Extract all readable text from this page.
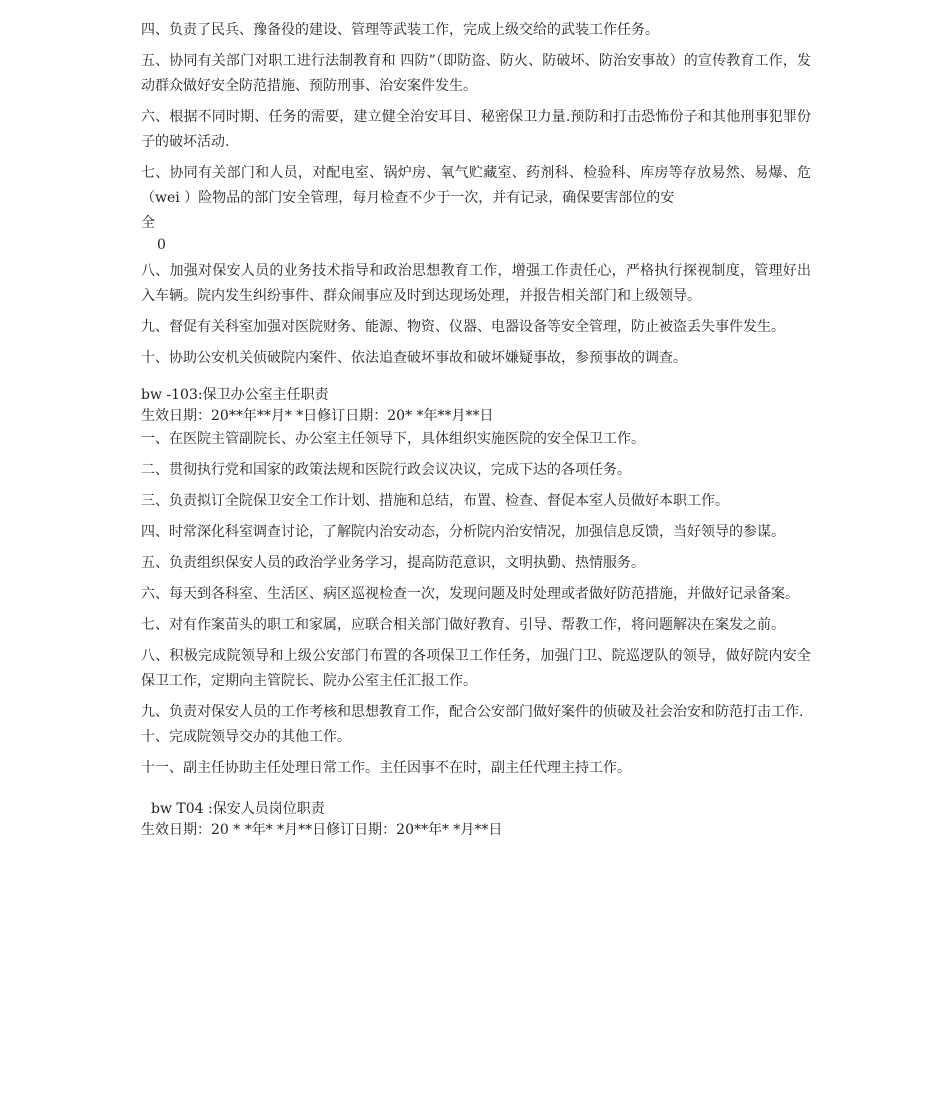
四、负责了民兵、豫备役的建设、管理等武装工作，完成上级交给的武装工作任务。

五、协同有关部门对职工进行法制教育和 四防”（即防盗、防火、防破坏、防治安事故）的宣传教育工作，发动群众做好安全防范措施、预防刑事、治安案件发生。

六、根据不同时期、任务的需要，建立健全治安耳目、秘密保卫力量.预防和打击恐怖份子和其他刑事犯罪份子的破坏活动.

七、协同有关部门和人员，对配电室、锅炉房、氧气贮藏室、药剂科、检验科、库房等存放易然、易爆、危（wei ）险物品的部门安全管理，每月检查不少于一次，并有记录，确保要害部位的安

全

0

八、加强对保安人员的业务技术指导和政治思想教育工作，增强工作责任心，严格执行探视制度，管理好出入车辆。院内发生纠纷事件、群众闹事应及时到达现场处理，并报告相关部门和上级领导。

九、督促有关科室加强对医院财务、能源、物资、仪器、电器设备等安全管理，防止被盗丢失事件发生。

十、协助公安机关侦破院内案件、依法追查破坏事故和破坏嫌疑事故，参预事故的调查。

bw -103:保卫办公室主任职责

生效日期：20**年**月* *日修订日期：20* *年**月**日

一、在医院主管副院长、办公室主任领导下，具体组织实施医院的安全保卫工作。

二、贯彻执行党和国家的政策法规和医院行政会议决议，完成下达的各项任务。

三、负责拟订全院保卫安全工作计划、措施和总结，布置、检查、督促本室人员做好本职工作。

四、时常深化科室调查讨论，了解院内治安动态，分析院内治安情况，加强信息反馈，当好领导的参谋。

五、负责组织保安人员的政治学业务学习，提高防范意识，文明执勤、热情服务。

六、每天到各科室、生活区、病区巡视检查一次，发现问题及时处理或者做好防范措施，并做好记录备案。

七、对有作案苗头的职工和家属，应联合相关部门做好教育、引导、帮教工作，将问题解决在案发之前。

八、积极完成院领导和上级公安部门布置的各项保卫工作任务，加强门卫、院巡逻队的领导，做好院内安全保卫工作，定期向主管院长、院办公室主任汇报工作。

九、负责对保安人员的工作考核和思想教育工作，配合公安部门做好案件的侦破及社会治安和防范打击工作.

十、完成院领导交办的其他工作。

十一、副主任协助主任处理日常工作。主任因事不在时，副主任代理主持工作。

bw T04 :保安人员岗位职责

生效日期：20 * *年* *月**日修订日期：20**年* *月**日
